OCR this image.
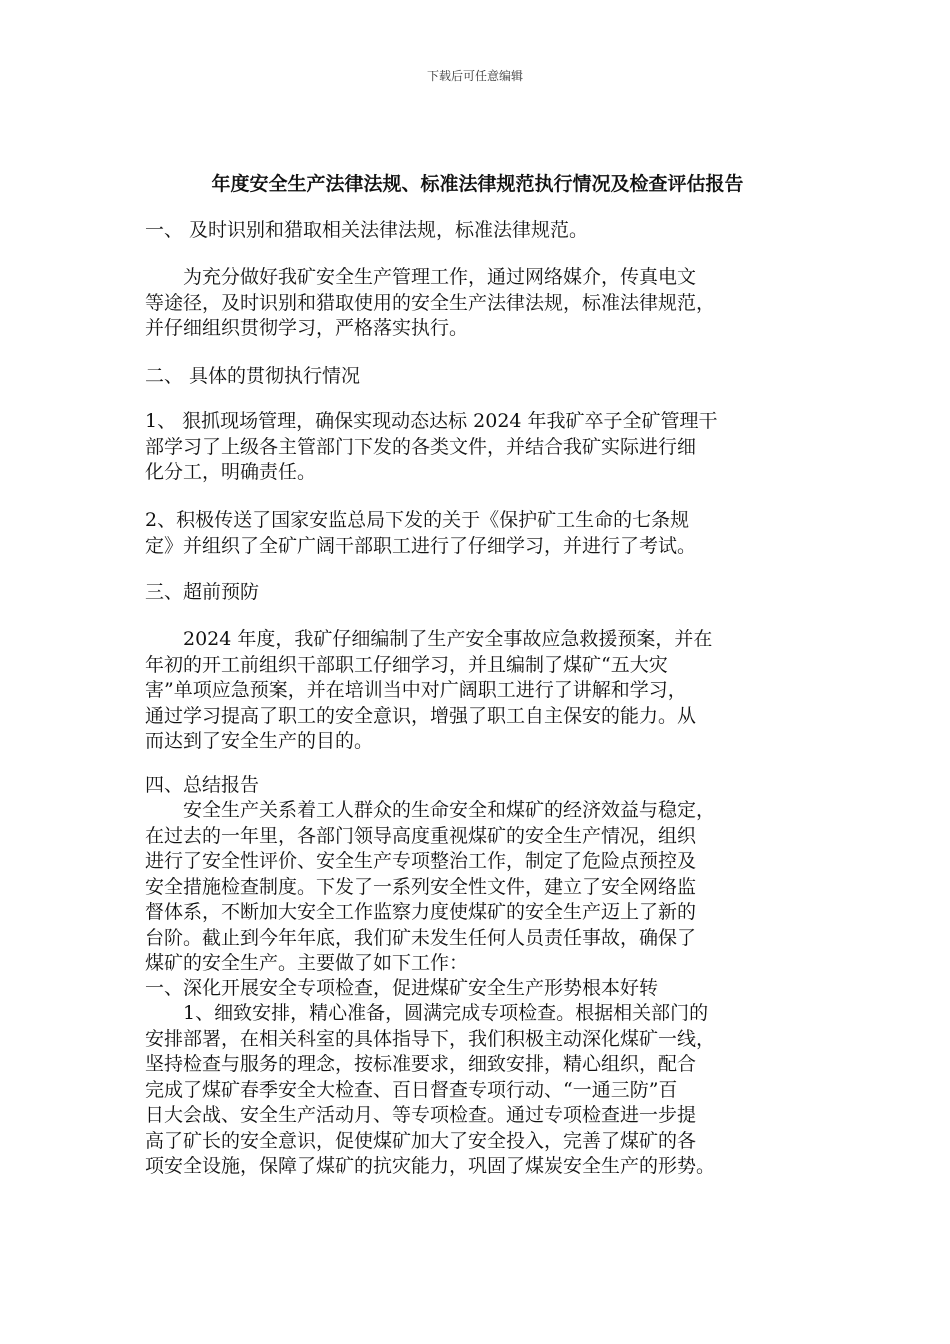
下载后可任意编辑
年度安全生产法律法规、标准法律规范执行情况及检查评估报告

一、 及时识别和猎取相关法律法规，标准法律规范。

为充分做好我矿安全生产管理工作，通过网络媒介，传真电文
等途径，及时识别和猎取使用的安全生产法律法规，标准法律规范，
并仔细组织贯彻学习，严格落实执行。

二、 具体的贯彻执行情况

1、 狠抓现场管理，确保实现动态达标 2024 年我矿卒子全矿管理干
部学习了上级各主管部门下发的各类文件，并结合我矿实际进行细
化分工，明确责任。

2、积极传送了国家安监总局下发的关于《保护矿工生命的七条规
定》并组织了全矿广阔干部职工进行了仔细学习，并进行了考试。

三、超前预防

2024 年度，我矿仔细编制了生产安全事故应急救援预案，并在
年初的开工前组织干部职工仔细学习，并且编制了煤矿“五大灾
害”单项应急预案，并在培训当中对广阔职工进行了讲解和学习，
通过学习提高了职工的安全意识，增强了职工自主保安的能力。从
而达到了安全生产的目的。

四、总结报告

安全生产关系着工人群众的生命安全和煤矿的经济效益与稳定，
在过去的一年里，各部门领导高度重视煤矿的安全生产情况，组织
进行了安全性评价、安全生产专项整治工作，制定了危险点预控及
安全措施检查制度。下发了一系列安全性文件，建立了安全网络监
督体系，不断加大安全工作监察力度使煤矿的安全生产迈上了新的
台阶。截止到今年年底，我们矿未发生任何人员责任事故，确保了
煤矿的安全生产。主要做了如下工作：

一、深化开展安全专项检查，促进煤矿安全生产形势根本好转

1、细致安排，精心准备，圆满完成专项检查。根据相关部门的
安排部署，在相关科室的具体指导下，我们积极主动深化煤矿一线，
坚持检查与服务的理念，按标准要求，细致安排，精心组织，配合
完成了煤矿春季安全大检查、百日督查专项行动、“一通三防”百
日大会战、安全生产活动月、等专项检查。通过专项检查进一步提
高了矿长的安全意识，促使煤矿加大了安全投入，完善了煤矿的各
项安全设施，保障了煤矿的抗灾能力，巩固了煤炭安全生产的形势。
